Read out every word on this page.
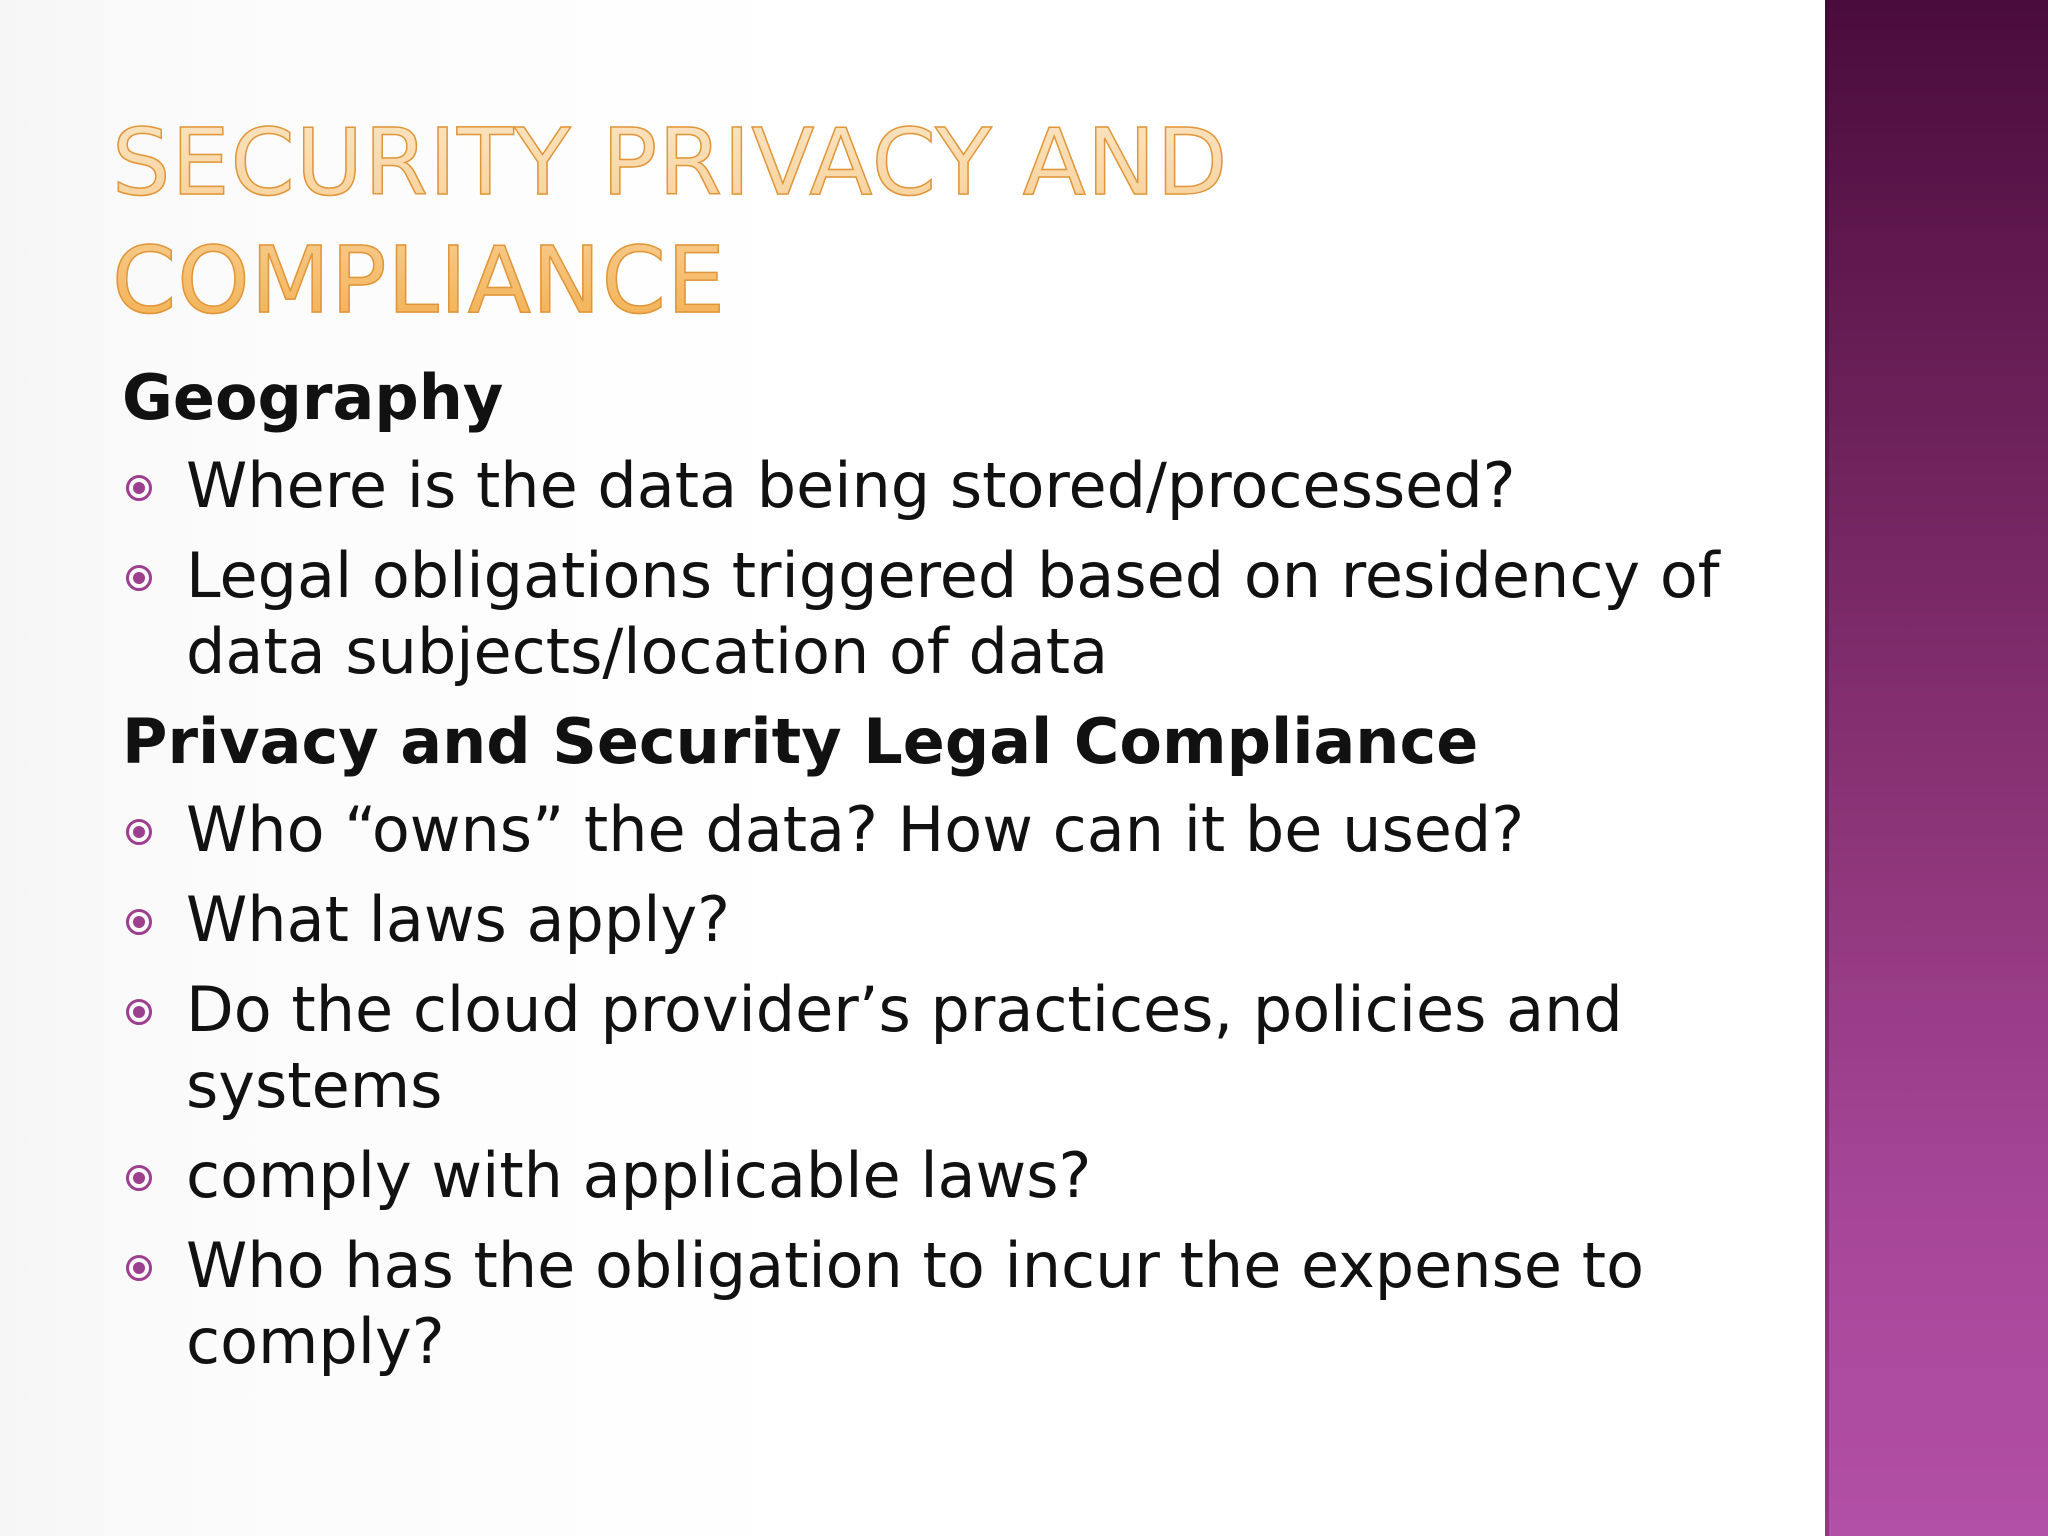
SECURITY PRIVACY AND COMPLIANCE
Geography
Where is the data being stored/processed?
Legal obligations triggered based on residency of data subjects/location of data
Privacy and Security Legal Compliance
Who “owns” the data? How can it be used?
What laws apply?
Do the cloud provider’s practices, policies and systems
comply with applicable laws?
Who has the obligation to incur the expense to comply?
